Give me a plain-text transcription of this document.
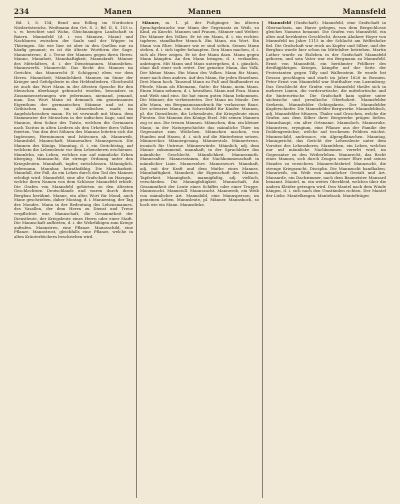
234	Manen	Mannen	Mannsfeld

Bd. I, S. 154; Bend aus Edling im Nordosten Niederöstreichs. Weißmann den Ort, S. 2; Bd. II, S. 153 u. s. w. berichtet und Wohn, Gleichnamigen Landschaft in Baiern. Mannsfeld (d. i. von Mannen, Mann) und Nachbaren zwischen der Saale und der Wipper in Thüringen. Sie wie hier ist aber in den Quellen nur zu häufig genannt; es ist die älteste Wortform der Sage. Mannentreue, d. i. Treue der Mannen gegen ihren Herrn. Manne, Mannheit, Mannhaftigkeit, Mannskraft. Männer des Mittelalters, d. i. der Dienstmannen. Mannslehen. Mannswerth. Mannrecht. Das Recht des Mannes im Gerichte, das Mannrecht (f. Schöppen) eben vor dem Herrn. Mannsheit; Männlichkeit. Mannen im Sinne der Krieger und Gefolgsleute in den Heldenliedern. Gleichwohl ist auch das Wort Mann in der ältesten Sprache für den Menschen überhaupt gebraucht worden, besonders in Zusammensetzungen wie jedermann, niemand, jemand, man. Das Wort Mann ist demnach ein gemeinsames Eigenthum der germanischen Stämme und ist im Gothischen manna, im Altnordischen madr, im Angelsächsischen mann. Es ist verwandt mit Manu, dem Stammvater der Menschen in der indischen Sage, und mit Mannus, dem Sohne des Tuisto, welchen die Germanen nach Tacitus in alten Liedern als den Urheber ihres Volkes feierten. Von den drei Söhnen des Mannus leiteten sich die Ingävonen, Herminonen und Istävonen ab. Mannweib, Mannsbild, Mannschaft, Mannesalter. Mannsperson. Die Mannen des Königs. Manntag, d. i. ein Gerichtstag, auf welchem die Lehensleute vor dem Lehensherrn erschienen. Mannlehn, ein Lehen, welches nur auf männliche Erben überging. Mannzucht, die strenge Ordnung unter den Kriegsleuten. Mannhaft, tapfer, entschlossen. Männiglich, jedermann. Mannbar, heirathsfähig. Die Mannbarkeit. Mannfall, der Fall, da ein Lehen durch den Tod des Mannes erledigt wird. Mannsfeld, eine alte Grafschaft im Harzgau, welche ihren Namen von dem Schlosse Mannsfeld erhielt. Die Grafen von Mannsfeld gehörten zu den ältesten Geschlechtern Deutschlands und waren durch ihren Bergbau berühmt. Manne, ein altes Wort für Mond, auch Mane geschrieben, daher Montag, d. i. Mannentag, der Tag des Mondes. Mann in der Bedeutung des Lehensmannes, des Vasallen, der dem Herrn zu Dienst und Treue verpflichtet war. Mannschaft, die Gesammtheit der Dienstleute, der Kriegsleute eines Herrn oder einer Stadt. Die Mannschaft aufbieten, d. i. die Wehrfähigen zum Kriege aufrufen. Mannstreu, eine Pflanze. Mannsschild, eine Pflanze. Mannstrost, gleichfalls eine Pflanze, welche in alten Kräuterbüchern beschrieben wird.

Männer, m. 1. pl. der Fußgänger. Im älteren Sprachgebrauche war Mann der Gegensatz zu Weib, zu Kind, zu Knecht. Mannen und Frauen, Männer und Weiber. Die Männer des Volkes. Er ist ein Mann, d. i. ein rechter, tapferer, standhafter Mensch. Ein Mann, ein Wort. Ein Mann von Ehre. Männer wie er sind selten. Seinen Mann stehen, d. i. sich tapfer behaupten. Den Mann machen, d. i. sich als Herr zeigen. Er ist der Mann dazu. Mann gegen Mann kämpfen. An den Mann bringen, d. i. verkaufen, anbringen. Mit Mann und Maus untergehen, d. i. gänzlich, ohne daß einer sich rettet. Der gemeine Mann, das Volk. Der kleine Mann. Ein Mann des Volkes. Mann für Mann, einer nach dem andern. Auf den Mann, für jeden Einzelnen. Drei Mann hoch. Tausend Mann zu Fuß und fünfhundert zu Pferde. Mann als Ehemann, Gatte: ihr Mann, mein Mann. Einen Mann nehmen, d. i. heirathen. Mann und Frau. Mann und Weib sind eins. Sie hat einen guten Mann bekommen. Die Männer, die verheirateten. Der Mann im Monde. Der alte Mann, ein Bergmannsausdruck für verlassene Baue. Der schwarze Mann, ein Schreckbild für Kinder. Mannen, pl. die Dienstleute, die Lehensleute, die Kriegsleute eines Fürsten. Die Mannen des Königs Etzel. Mit seinen Mannen zog er aus. Die treuen Mannen. Männchen, dim. ein kleiner Mann; in der Naturgeschichte das männliche Thier im Gegensatze zum Weibchen. Männchen machen, von Hunden und Hasen, d. i. sich auf die Hinterbeine setzen. Männerchor. Männergesang. Männerstolz. Männertreue, ironisch für Untreue. Männerwürde. Männlich, adj. dem Manne zukommend, mannhaft; in der Sprachlehre das männliche Geschlecht. Männlichkeit. Mannesmuth. Mannesalter. Mannesstamm, die Nachkommenschaft in männlicher Linie. Mannesehre. Manneswort. Mannhaft, adj. mit der Kraft und dem Muthe eines Mannes. Mannhaftigkeit. Mannheit, die Eigenschaft des Mannes, Tapferkeit. Mannigfach, mannigfaltig, adj. vielfach, verschieden. Die Mannigfaltigkeit. Mannschaft, die Gesammtheit der Leute eines Schiffes oder einer Truppe. Mannssucht. Mannstoll. Mannszucht. Mannweib, ein Weib von männlicher Art. Mannsbild, eine Mannsperson; im gemeinen Leben. Mannsleute, pl. Männer. Mannshoch, so hoch wie ein Mann. Mannsdicke.

Mannsfeld (Grafschaft). Mannsfeld, eine Grafschaft in Obersachsen, am Harze gelegen, von dem Bergschlosse gleiches Namens benannt. Die Grafen von Mannsfeld, ein altes und berühmtes Geschlecht, dessen Ahnherr Hoyer von Mannsfeld im Jahre 1115 in der Schlacht am Welfesholze fiel. Die Grafschaft war reich an Kupfer und Silber, und der Bergbau wurde hier schon im Mittelalter betrieben. Martin Luther wurde zu Eisleben in der Grafschaft Mannsfeld geboren, und sein Vater war ein Bergmann zu Mannsfeld. Ernst von Mannsfeld, ein berühmter Feldherr des dreißigjährigen Krieges, kämpfte auf der Seite der Protestanten gegen Tilly und Wallenstein. Er wurde bei Dessau geschlagen und starb im Jahre 1626 in Bosnien. Peter Ernst von Mannsfeld war Statthalter von Luxemburg. Das Geschlecht der Grafen von Mannsfeld theilte sich in mehrere Linien, die vorderortische, die mittelortische und die hinterortische. Die Grafschaft kam später unter sächsische und preußische Oberhoheit. Mannsfelder Seekreis, Mannsfelder Gebirgskreis. Der Mannsfelder Kupferschiefer. Die Mannsfelder Bergwerke. Mannsfeldisch, adj. Mannsfelder Münzen, Thaler und Groschen, welche die Grafen aus dem Silber ihrer Bergwerke prägen ließen. Mannshaupt, ein alter Ortsname. Mannsloch. Mannsruhe. Mannstreu, eryngium, eine Pflanze aus der Familie der Doldengewächse, welche auf trockenen Feldern wächst. Mannsschild, androsace, ein Alpenpflänzchen. Manntag, Manngericht, das Gericht der Lehensleute unter dem Vorsitze des Lehensherrn. Mannlehen, ein Lehen, welches nur auf männliche Nachkommen vererbt wird, im Gegensatze zu den Weiberlehen. Mannrecht, das Recht eines Mannes, sich durch Zeugen seiner Ehre und seines Standes zu versichern. Mannrechtsbrief. Mannzucht, die strenge Kriegszucht, Disciplin. Die Mannzucht handhaben. Mannweib, ein Weib von männlicher Gestalt und Art. Mansarde, ein Dachzimmer, nach dem Baumeister Mansard benannt. Mantel, m. ein weites Oberkleid, welches über die andern Kleider getragen wird. Den Mantel nach dem Winde hängen, d. i. sich nach den Umständen richten. Der Mantel der Liebe. Mantelkragen. Mantelsack. Mantelträger.
